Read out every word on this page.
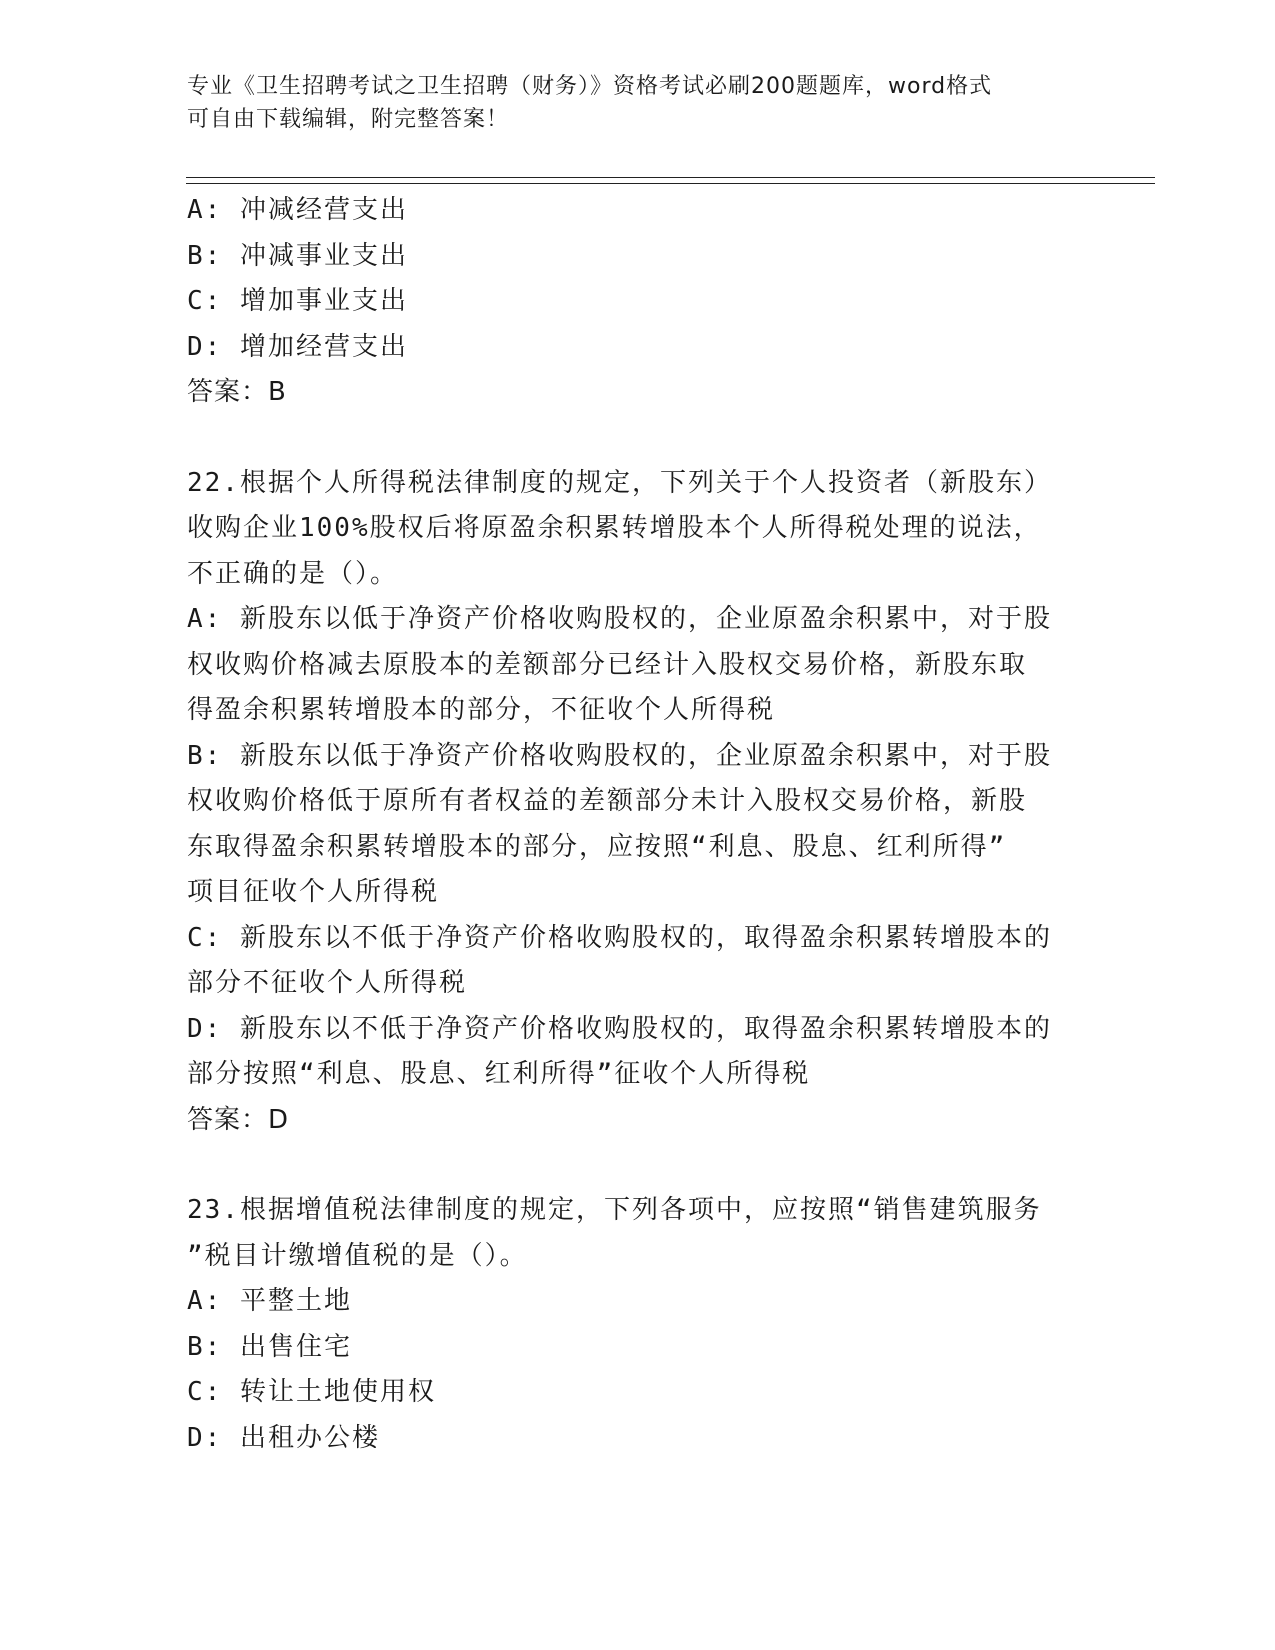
专业《卫生招聘考试之卫生招聘（财务）》资格考试必刷200题题库，word格式
可自由下载编辑，附完整答案！
A: 冲减经营支出
B: 冲减事业支出
C: 增加事业支出
D: 增加经营支出
答案：B
22.根据个人所得税法律制度的规定，下列关于个人投资者（新股东）
收购企业100%股权后将原盈余积累转增股本个人所得税处理的说法，
不正确的是（）。
A: 新股东以低于净资产价格收购股权的，企业原盈余积累中，对于股
权收购价格减去原股本的差额部分已经计入股权交易价格，新股东取
得盈余积累转增股本的部分，不征收个人所得税
B: 新股东以低于净资产价格收购股权的，企业原盈余积累中，对于股
权收购价格低于原所有者权益的差额部分未计入股权交易价格，新股
东取得盈余积累转增股本的部分，应按照“利息、股息、红利所得”
项目征收个人所得税
C: 新股东以不低于净资产价格收购股权的，取得盈余积累转增股本的
部分不征收个人所得税
D: 新股东以不低于净资产价格收购股权的，取得盈余积累转增股本的
部分按照“利息、股息、红利所得”征收个人所得税
答案：D
23.根据增值税法律制度的规定，下列各项中，应按照“销售建筑服务
”税目计缴增值税的是（）。
A: 平整土地
B: 出售住宅
C: 转让土地使用权
D: 出租办公楼
